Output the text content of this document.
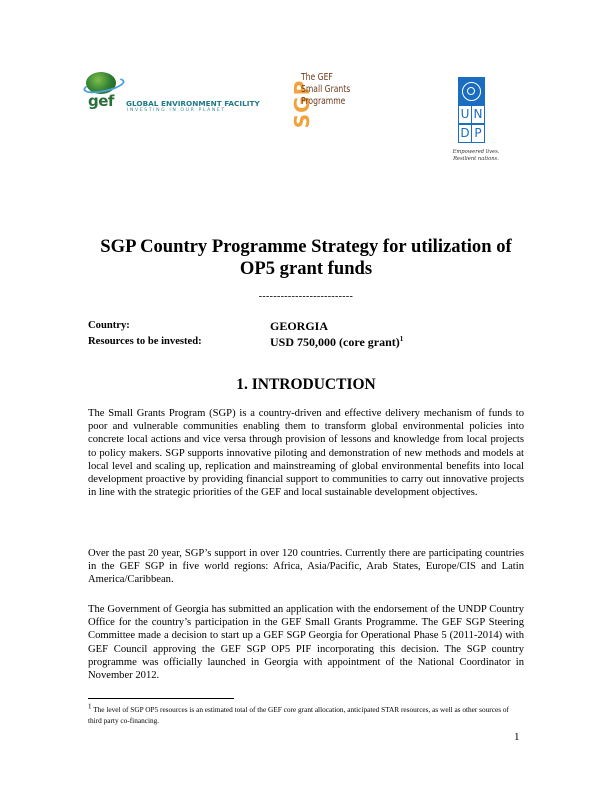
gef GLOBAL ENVIRONMENT FACILITY
INVESTING IN OUR PLANET	SGP
The GEF
Small Grants
Programme
U N
D P
Empowered lives.
Resilient nations.
SGP Country Programme Strategy for utilization of
OP5 grant funds
--------------------------
Country:	GEORGIA
Resources to be invested:	USD 750,000 (core grant)$^1$
1. INTRODUCTION
The Small Grants Program (SGP) is a country-driven and effective delivery mechanism of funds to poor and vulnerable communities enabling them to transform global environmental policies into concrete local actions and vice versa through provision of lessons and knowledge from local projects to policy makers. SGP supports innovative piloting and demonstration of new methods and models at local level and scaling up, replication and mainstreaming of global environmental benefits into local development proactive by providing financial support to communities to carry out innovative projects in line with the strategic priorities of the GEF and local sustainable development objectives.
Over the past 20 year, SGP’s support in over 120 countries. Currently there are participating countries in the GEF SGP in five world regions: Africa, Asia/Pacific, Arab States, Europe/CIS and Latin America/Caribbean.
The Government of Georgia has submitted an application with the endorsement of the UNDP Country Office for the country’s participation in the GEF Small Grants Programme. The GEF SGP Steering Committee made a decision to start up a GEF SGP Georgia for Operational Phase 5 (2011-2014) with GEF Council approving the GEF SGP OP5 PIF incorporating this decision. The SGP country programme was officially launched in Georgia with appointment of the National Coordinator in November 2012.
$^1$ The level of SGP OP5 resources is an estimated total of the GEF core grant allocation, anticipated STAR resources, as well as other sources of third party co-financing.
1
